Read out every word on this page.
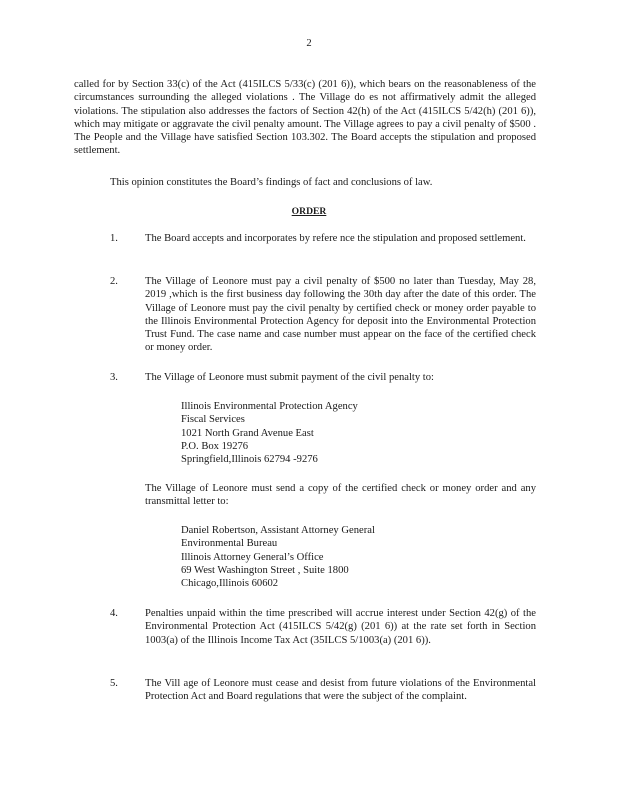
2
called for by Section 33(c) of the Act (415ILCS 5/33(c) (201 6)), which bears on the reasonableness of the circumstances surrounding the alleged violations . The Village do es not affirmatively admit the alleged violations. The stipulation also addresses the factors of Section 42(h) of the Act (415ILCS 5/42(h) (201 6)), which may mitigate or aggravate the civil penalty amount. The Village agrees to pay a civil penalty of $500 . The People and the Village have satisfied Section 103.302. The Board accepts the stipulation and proposed settlement.
This opinion constitutes the Board’s findings of fact and conclusions of law.
ORDER
1.	The Board accepts and incorporates by refere nce the stipulation and proposed settlement.
2.	The Village of Leonore must pay a civil penalty of $500 no later than Tuesday, May 28, 2019 ,which is the first business day following the 30th day after the date of this order. The Village of Leonore must pay the civil penalty by certified check or money order payable to the Illinois Environmental Protection Agency for deposit into the Environmental Protection Trust Fund. The case name and case number must appear on the face of the certified check or money order.
3.	The Village of Leonore must submit payment of the civil penalty to:
Illinois Environmental Protection Agency
Fiscal Services
1021 North Grand Avenue East
P.O. Box 19276
Springfield,Illinois 62794 -9276
The Village of Leonore must send a copy of the certified check or money order and any transmittal letter to:
Daniel Robertson, Assistant Attorney General
Environmental Bureau
Illinois Attorney General’s Office
69 West Washington Street , Suite 1800
Chicago,Illinois 60602
4.	Penalties unpaid within the time prescribed will accrue interest under Section 42(g) of the Environmental Protection Act (415ILCS 5/42(g) (201 6)) at the rate set forth in Section 1003(a) of the Illinois Income Tax Act (35ILCS 5/1003(a) (201 6)).
5.	The Vill age of Leonore must cease and desist from future violations of the Environmental Protection Act and Board regulations that were the subject of the complaint.
